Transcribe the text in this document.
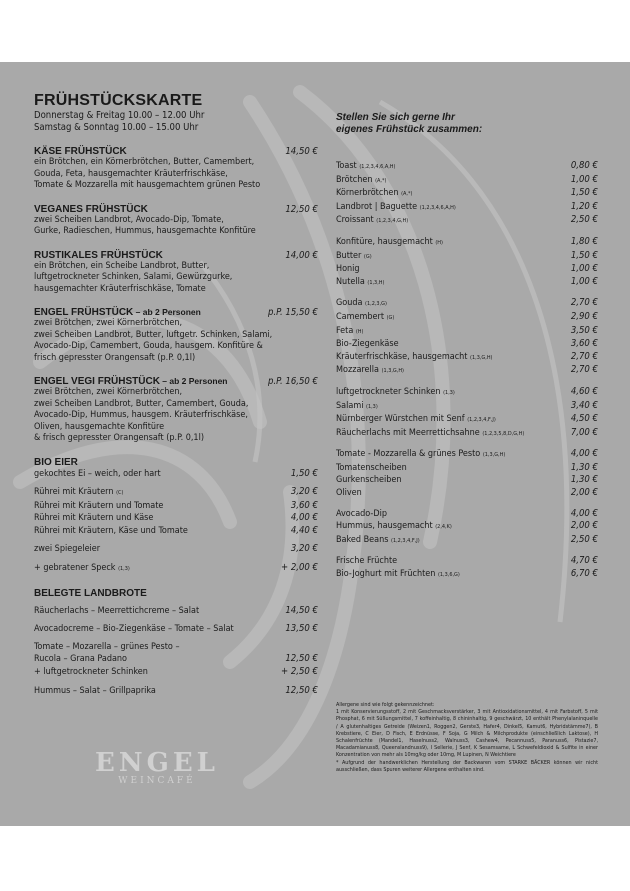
FRÜHSTÜCKSKARTE
Donnerstag & Freitag 10.00 – 12.00 Uhr
Samstag & Sonntag 10.00 – 15.00 Uhr
KÄSE FRÜHSTÜCK	14,50 €
ein Brötchen, ein Körnerbrötchen, Butter, Camembert,
Gouda, Feta, hausgemachter Kräuterfrischkäse,
Tomate & Mozzarella mit hausgemachtem grünen Pesto
VEGANES FRÜHSTÜCK	12,50 €
zwei Scheiben Landbrot, Avocado-Dip, Tomate,
Gurke, Radieschen, Hummus, hausgemachte Konfitüre
RUSTIKALES FRÜHSTÜCK	14,00 €
ein Brötchen, ein Scheibe Landbrot, Butter,
luftgetrockneter Schinken, Salami, Gewürzgurke,
hausgemachter Kräuterfrischkäse, Tomate
ENGEL FRÜHSTÜCK – ab 2 Personen	p.P. 15,50 €
zwei Brötchen, zwei Körnerbrötchen,
zwei Scheiben Landbrot, Butter, luftgetr. Schinken, Salami,
Avocado-Dip, Camembert, Gouda, hausgem. Konfitüre &
frisch gepresster Orangensaft (p.P. 0,1l)
ENGEL VEGI FRÜHSTÜCK – ab 2 Personen	p.P. 16,50 €
zwei Brötchen, zwei Körnerbrötchen,
zwei Scheiben Landbrot, Butter, Camembert, Gouda,
Avocado-Dip, Hummus, hausgem. Kräuterfrischkäse,
Oliven, hausgemachte Konfitüre
& frisch gepresster Orangensaft (p.P. 0,1l)
BIO EIER
gekochtes Ei – weich, oder hart	1,50 €
Rührei mit Kräutern (C)	3,20 €
Rührei mit Kräutern und Tomate	3,60 €
Rührei mit Kräutern und Käse	4,00 €
Rührei mit Kräutern, Käse und Tomate	4,40 €
zwei Spiegeleier	3,20 €
+ gebratener Speck (1,3)	+ 2,00 €
BELEGTE LANDBROTE
Räucherlachs – Meerrettichcreme – Salat	14,50 €
Avocadocreme – Bio-Ziegenkäse – Tomate – Salat	13,50 €
Tomate – Mozarella – grünes Pesto –
Rucola – Grana Padano	12,50 €
+ luftgetrockneter Schinken	+ 2,50 €
Hummus – Salat – Grillpaprika	12,50 €
Stellen Sie sich gerne Ihr
eigenes Frühstück zusammen:
Toast (1,2,3,4,6,A,H)	0,80 €
Brötchen (A,*)	1,00 €
Körnerbrötchen (A,*)	1,50 €
Landbrot | Baguette (1,2,3,4,6,A,H)	1,20 €
Croissant (1,2,3,4,G,H)	2,50 €
Konfitüre, hausgemacht (H)	1,80 €
Butter (G)	1,50 €
Honig	1,00 €
Nutella (1,3,H)	1,00 €
Gouda (1,2,3,G)	2,70 €
Camembert (G)	2,90 €
Feta (H)	3,50 €
Bio-Ziegenkäse	3,60 €
Kräuterfrischkäse, hausgemacht (1,3,G,H)	2,70 €
Mozzarella (1,3,G,H)	2,70 €
luftgetrockneter Schinken (1,3)	4,60 €
Salami (1,3)	3,40 €
Nürnberger Würstchen mit Senf (1,2,3,4,F,J)	4,50 €
Räucherlachs mit Meerrettichsahne (1,2,3,5,8,D,G,H)	7,00 €
Tomate - Mozzarella & grünes Pesto (1,3,G,H)	4,00 €
Tomatenscheiben	1,30 €
Gurkenscheiben	1,30 €
Oliven	2,00 €
Avocado-Dip	4,00 €
Hummus, hausgemacht (2,4,K)	2,00 €
Baked Beans (1,2,3,4,F,J)	2,50 €
Frische Früchte	4,70 €
Bio-Joghurt mit Früchten (1,3,6,G)	6,70 €
ENGEL
WEINCAFÉ
Allergene sind wie folgt gekennzeichnet:
1 mit Konservierungsstoff, 2 mit Geschmacksverstärker, 3 mit Antioxidationsmittel, 4 mit Farbstoff, 5 mit Phosphat, 6 mit Süßungsmittel, 7 koffeinhaltig, 8 chininhaltig, 9 geschwärzt, 10 enthält Phenylalaninquelle / A glutenhaltiges Getreide (Weizen1, Roggen2, Gerste3, Hafer4, Dinkel5, Kamut6, Hybridstämme7), B Krebstiere, C Eier, D Fisch, E Erdnüsse, F Soja, G Milch & Milchprodukte (einschließlich Laktose), H Schalenfrüchte (Mandel1, Haselnuss2, Walnuss3, Cashew4, Pecannuss5, Paranuss6, Pistazie7, Macadamianuss8, Queenslandnuss9), I Sellerie, J Senf, K Sesamsame, L Schwefeldioxid & Sulfite in einer Konzentration von mehr als 10mg/kg oder 10mg, M Lupinen, N Weichtiere
* Aufgrund der handwerklichen Herstellung der Backwaren vom STARKE BÄCKER können wir nicht ausschließen, dass Spuren weiterer Allergene enthalten sind.
